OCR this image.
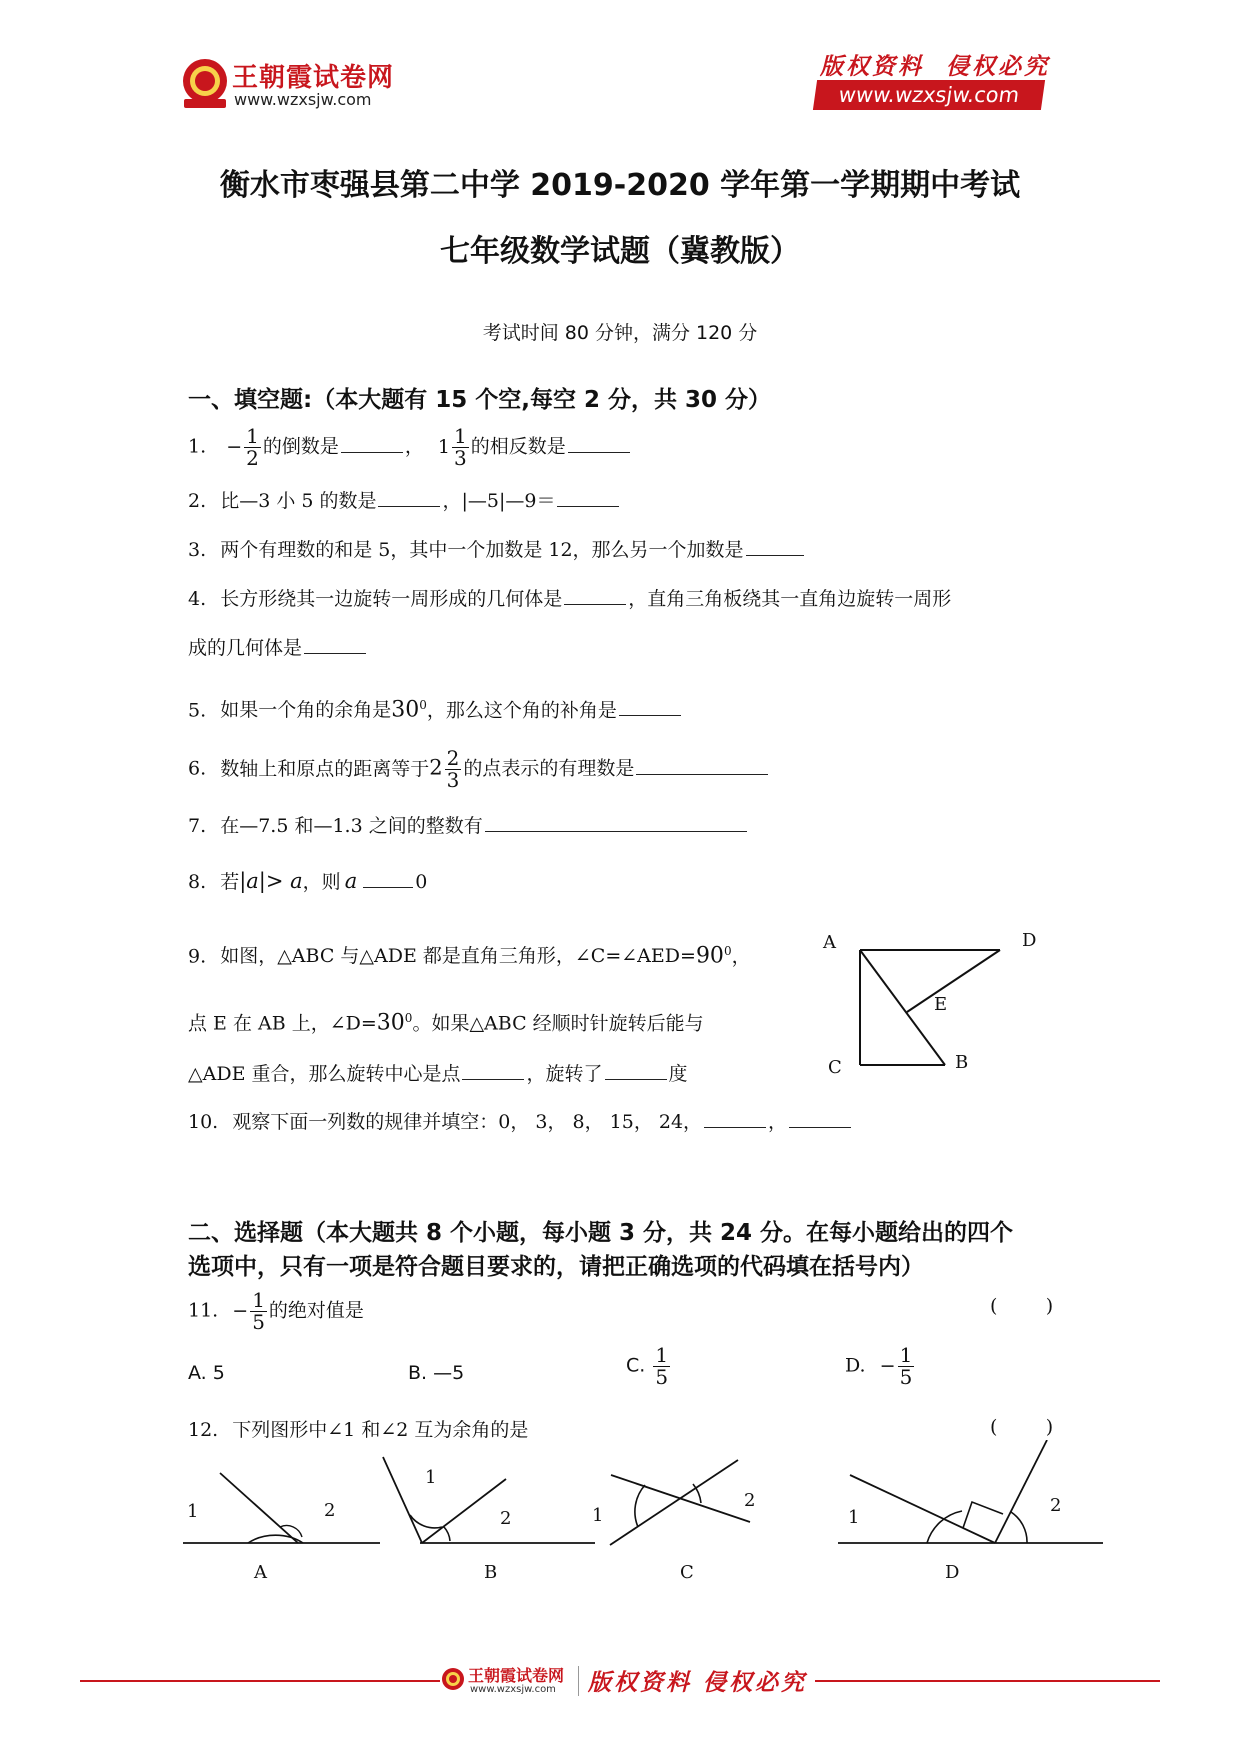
王朝霞试卷网
www.wzxsjw.com
版权资料  侵权必究
www.wzxsjw.com
衡水市枣强县第二中学 2019-2020 学年第一学期期中考试
七年级数学试题（冀教版）
考试时间 80 分钟，满分 120 分
一、填空题:（本大题有 15 个空,每空 2 分，共 30 分）
1. − $\frac{1}{2}$ 的倒数是	， $1 \frac{1}{3}$ 的相反数是
2. 比—3 小 5 的数是	，|—5|—9＝
3. 两个有理数的和是 5，其中一个加数是 12，那么另一个加数是
4. 长方形绕其一边旋转一周形成的几何体是	，直角三角板绕其一直角边旋转一周形
成的几何体是
5. 如果一个角的余角是$30^0$，那么这个角的补角是
6. 数轴上和原点的距离等于$2 \frac{2}{3}$ 的点表示的有理数是
7. 在—7.5 和—1.3 之间的整数有
8. 若|a|> a，则 a	0
9. 如图，△ABC 与△ADE 都是直角三角形，$\angle C=\angle AED=90^0$，
点 E 在 AB 上，$\angle D=30^0$。如果△ABC 经顺时针旋转后能与
△ADE 重合，那么旋转中心是点	，旋转了	度
A	D
E
C	B
10. 观察下面一列数的规律并填空：0， 3， 8， 15， 24，	，
二、选择题（本大题共 8 个小题，每小题 3 分，共 24 分。在每小题给出的四个
选项中，只有一项是符合题目要求的，请把正确选项的代码填在括号内）
11. − $\frac{1}{5}$ 的绝对值是	(        )
A. 5	B. —5	C. $\frac{1}{5}$	D. − $\frac{1}{5}$
12. 下列图形中∠1 和∠2 互为余角的是	(        )
1	2
A
1
2
B
1
2
C
1
2
D
王朝霞试卷网
www.wzxsjw.com 版权资料 侵权必究
